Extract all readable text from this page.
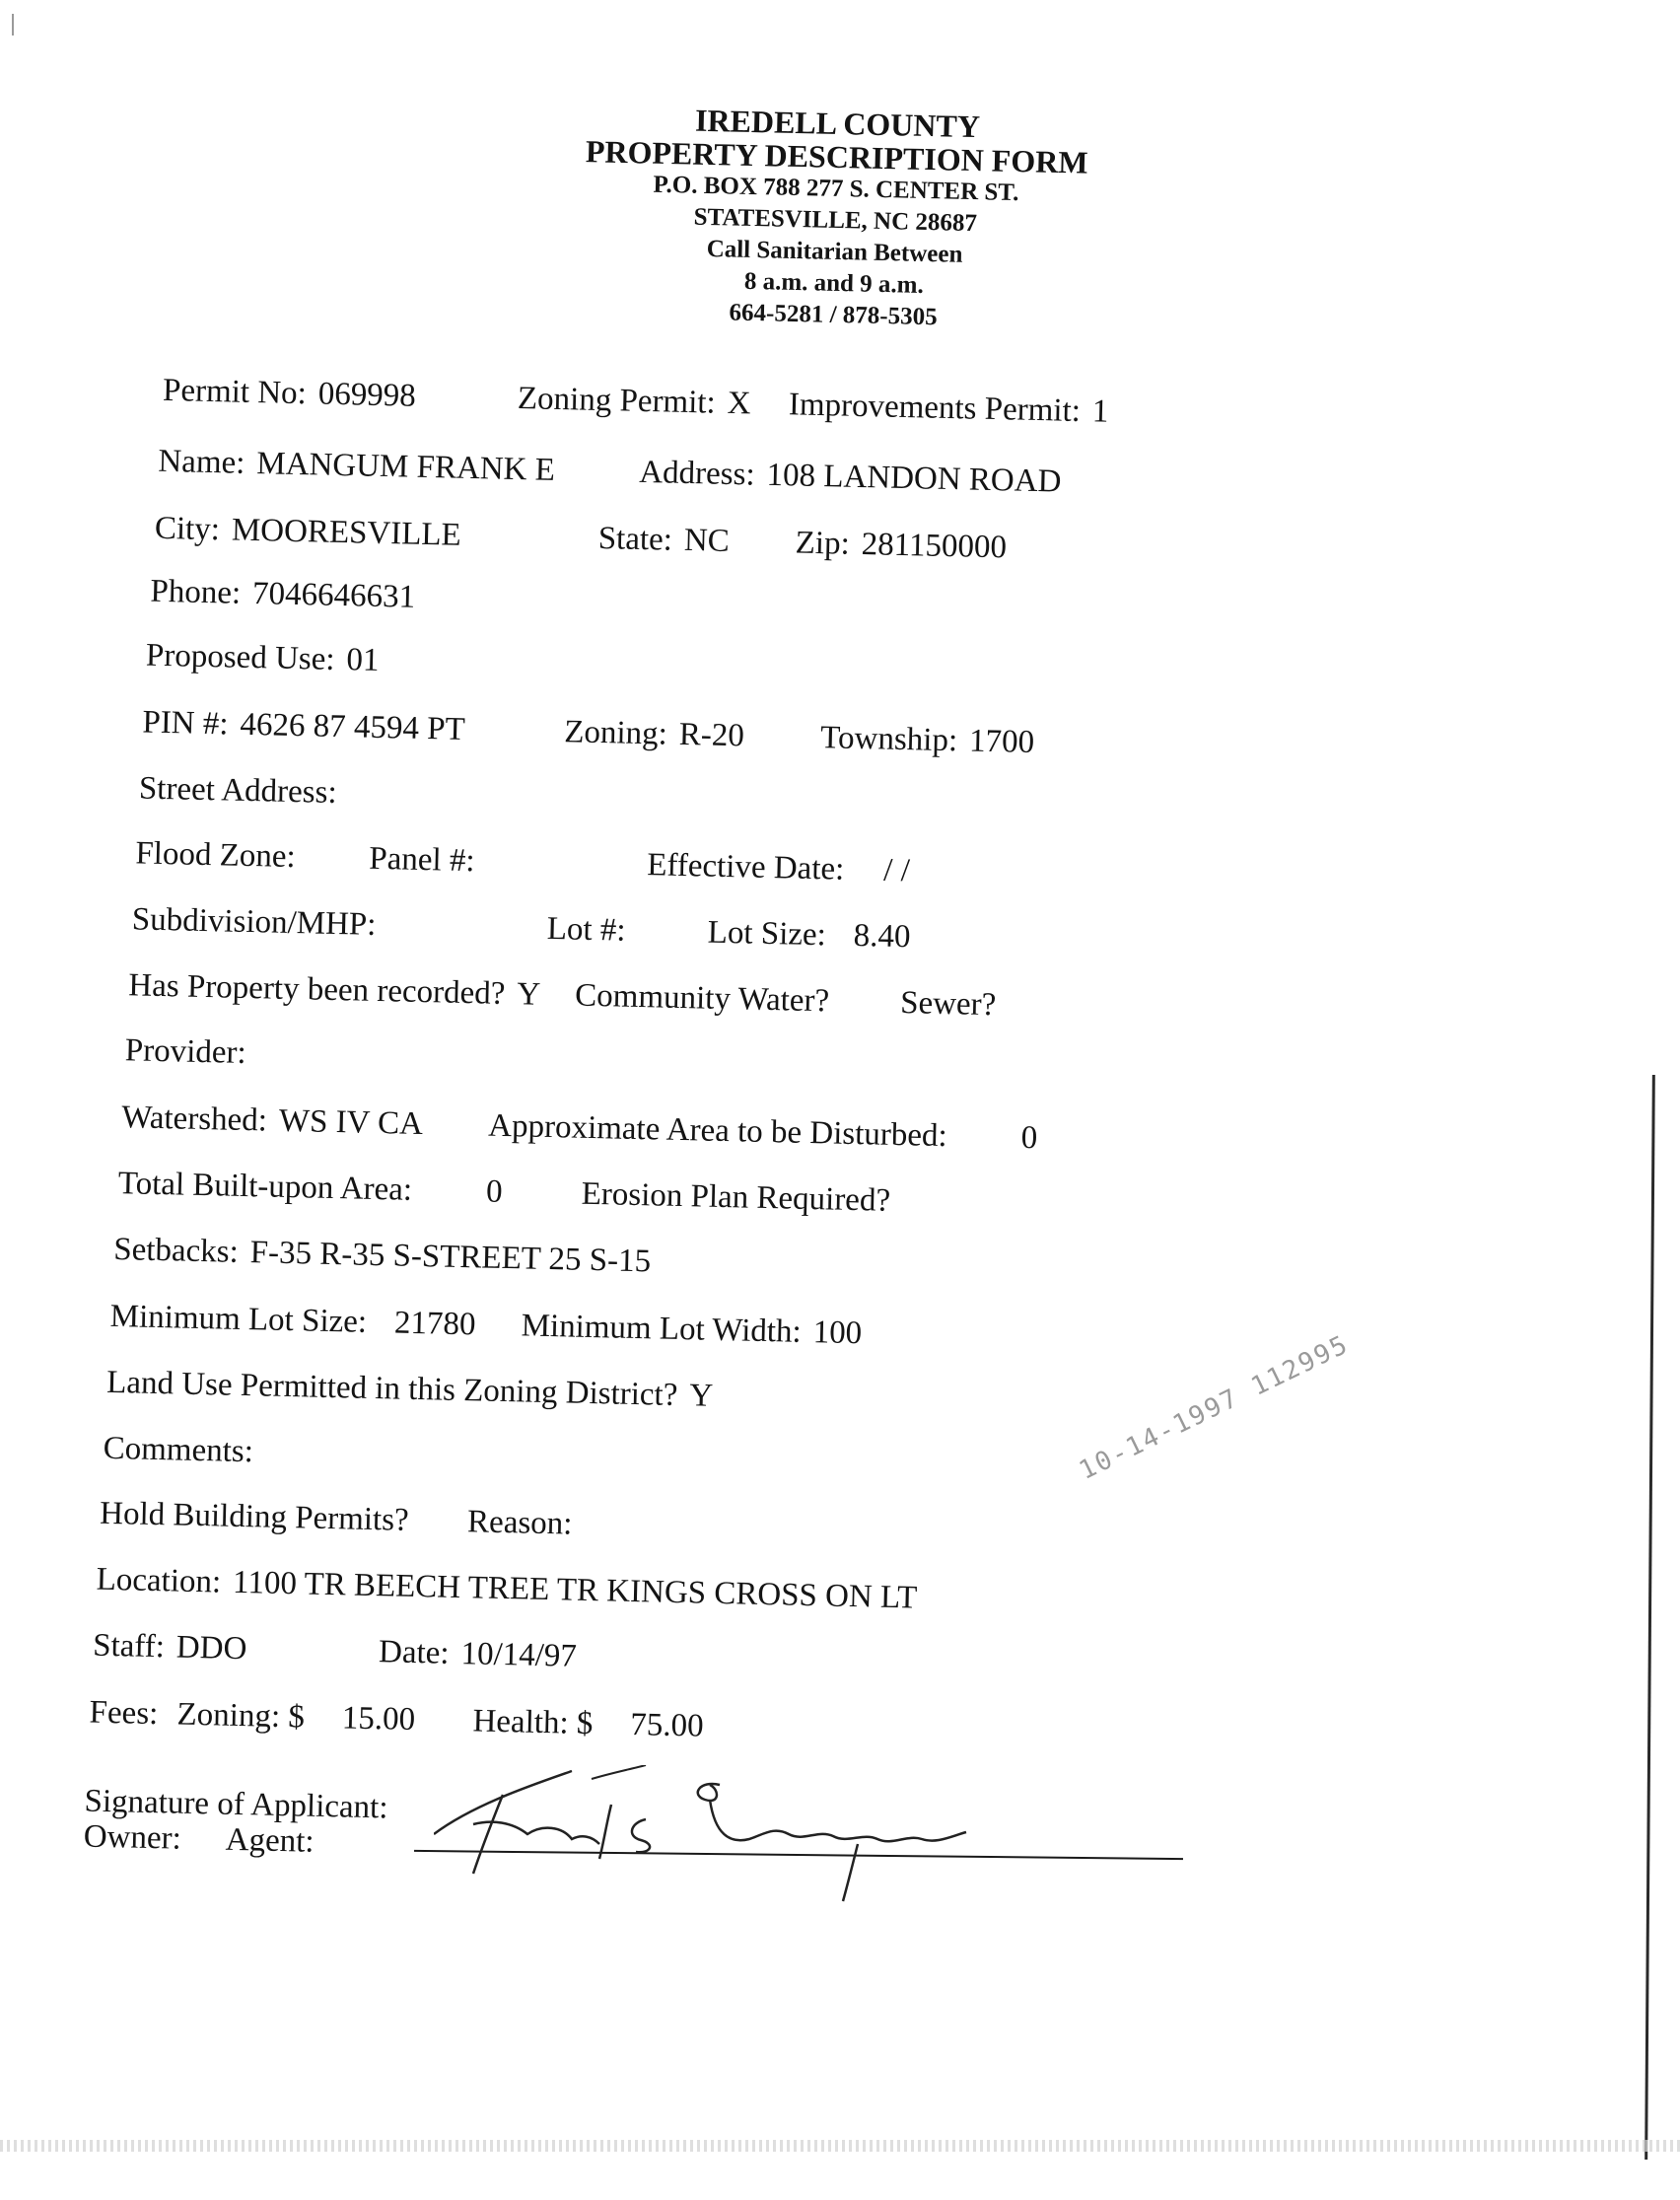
IREDELL COUNTY
PROPERTY DESCRIPTION FORM
P.O. BOX 788 277 S. CENTER ST.
STATESVILLE, NC 28687
Call Sanitarian Between
8 a.m. and 9 a.m.
664-5281 / 878-5305
Permit No: 069998	Zoning Permit: X Improvements Permit: 1
Name: MANGUM FRANK E	Address: 108 LANDON ROAD
City: MOORESVILLE	State: NC Zip: 281150000
Phone: 7046646631
Proposed Use: 01
PIN #: 4626 87 4594 PT	Zoning: R-20 Township: 1700
Street Address:
Flood Zone: Panel #:	Effective Date: / /
Subdivision/MHP:	Lot #: Lot Size: 8.40
Has Property been recorded? Y Community Water? Sewer?
Provider:
Watershed: WS IV CA Approximate Area to be Disturbed: 0
Total Built-upon Area: 0 Erosion Plan Required?
Setbacks: F-35 R-35 S-STREET 25 S-15
Minimum Lot Size: 21780 Minimum Lot Width: 100
Land Use Permitted in this Zoning District? Y
Comments:
Hold Building Permits? Reason:
Location: 1100 TR BEECH TREE TR KINGS CROSS ON LT
Staff: DDO	Date: 10/14/97
Fees: Zoning: $ 15.00 Health: $ 75.00
Signature of Applicant:
Owner: Agent:
10-14-1997 112995
